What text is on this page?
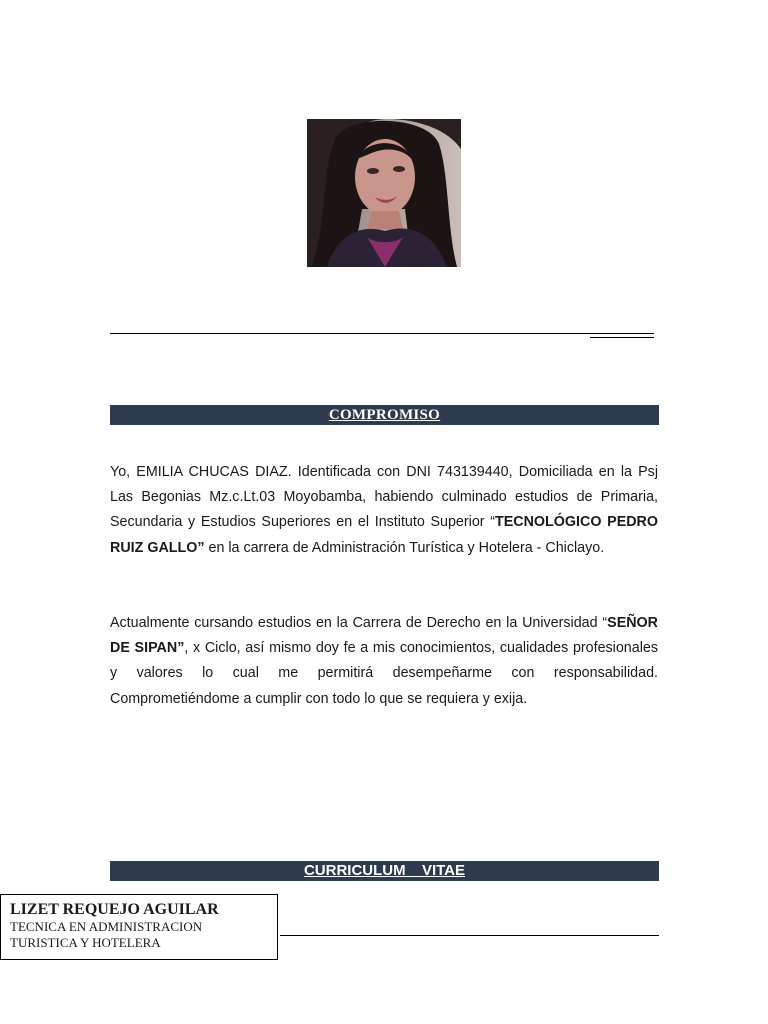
COMPROMISO

Yo, EMILIA CHUCAS DIAZ. Identificada con DNI 743139440, Domiciliada en la Psj Las Begonias Mz.c.Lt.03 Moyobamba, habiendo culminado estudios de Primaria, Secundaria y Estudios Superiores en el Instituto Superior “TECNOLÓGICO PEDRO RUIZ GALLO” en la carrera de Administración Turística y Hotelera - Chiclayo.

Actualmente cursando estudios en la Carrera de Derecho en la Universidad “SEÑOR DE SIPAN”, x Ciclo, así mismo doy fe a mis conocimientos, cualidades profesionales y valores lo cual me permitirá desempeñarme con responsabilidad. Comprometiéndome a cumplir con todo lo que se requiera y exija.

CURRICULUM  VITAE
LIZET REQUEJO AGUILAR
TECNICA EN ADMINISTRACION
TURISTICA Y HOTELERA
